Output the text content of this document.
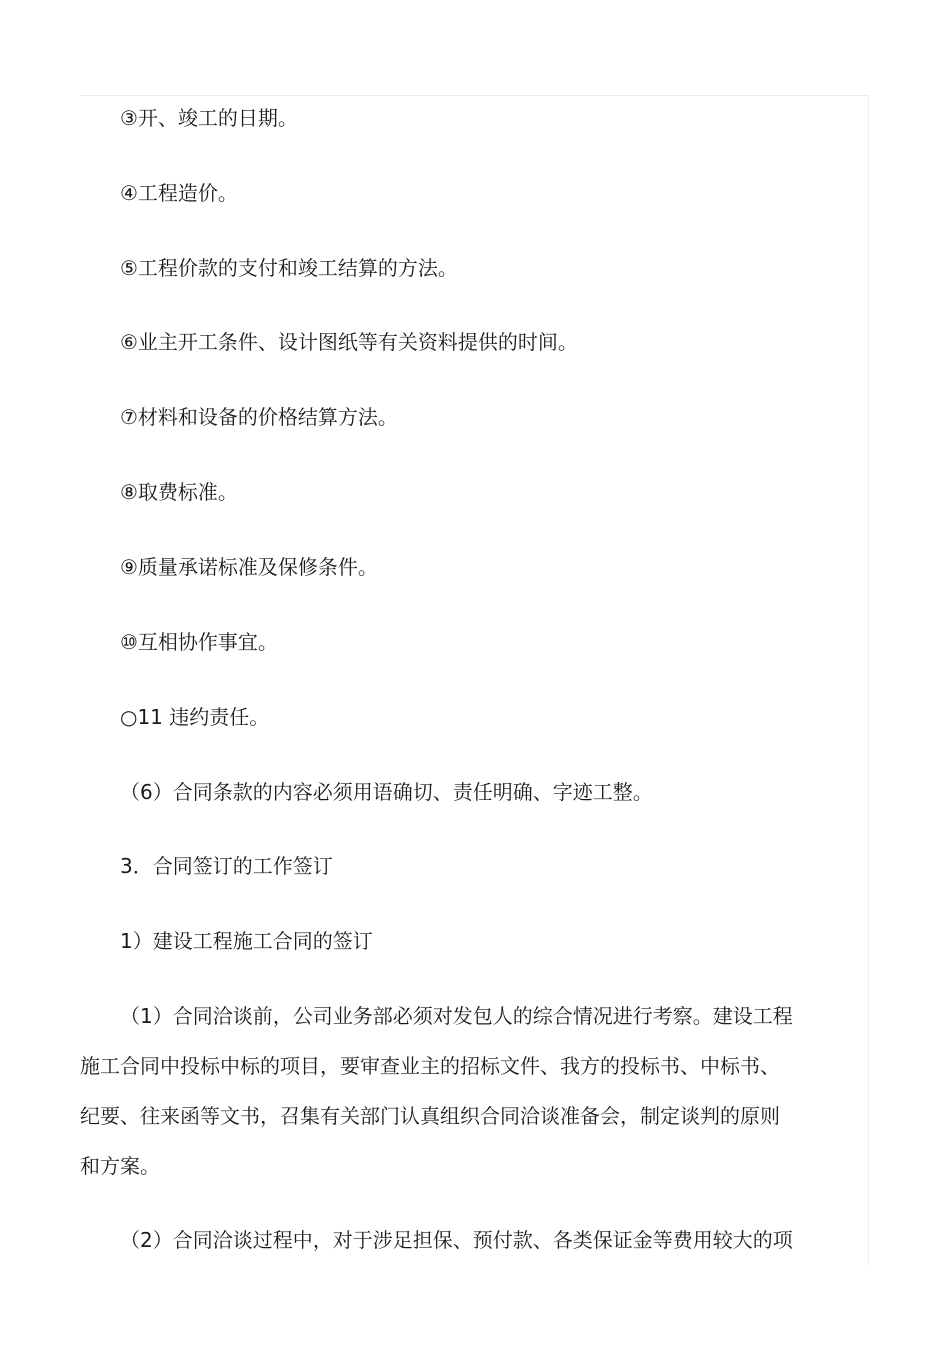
③开、竣工的日期。
④工程造价。
⑤工程价款的支付和竣工结算的方法。
⑥业主开工条件、设计图纸等有关资料提供的时间。
⑦材料和设备的价格结算方法。
⑧取费标准。
⑨质量承诺标准及保修条件。
⑩互相协作事宜。
○11 违约责任。
（6）合同条款的内容必须用语确切、责任明确、字迹工整。
3．合同签订的工作签订
1）建设工程施工合同的签订
（1）合同洽谈前，公司业务部必须对发包人的综合情况进行考察。建设工程
施工合同中投标中标的项目，要审查业主的招标文件、我方的投标书、中标书、
纪要、往来函等文书，召集有关部门认真组织合同洽谈准备会，制定谈判的原则
和方案。
（2）合同洽谈过程中，对于涉足担保、预付款、各类保证金等费用较大的项
